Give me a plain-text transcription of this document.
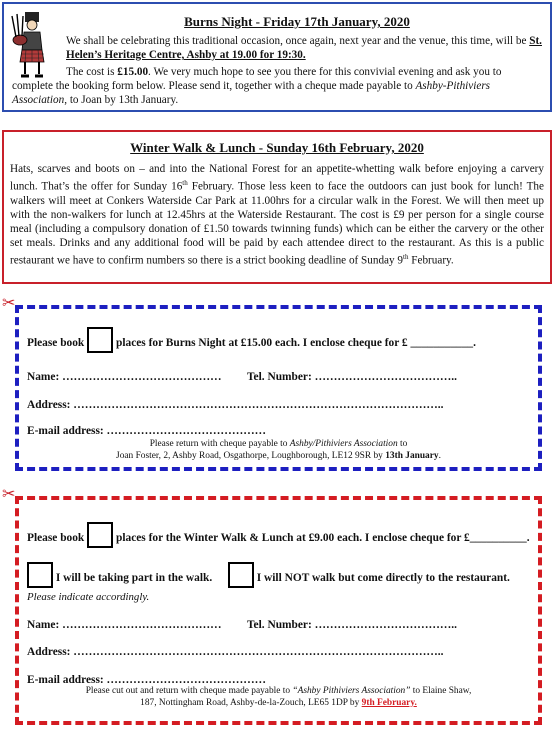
Burns Night - Friday 17th January, 2020
We shall be celebrating this traditional occasion, once again, next year and the venue, this time, will be St. Helen’s Heritage Centre, Ashby at 19.00 for 19:30.
The cost is £15.00. We very much hope to see you there for this convivial evening and ask you to complete the booking form below. Please send it, together with a cheque made payable to Ashby-Pithiviers Association, to Joan by 13th January.
Winter Walk & Lunch - Sunday 16th February, 2020
Hats, scarves and boots on – and into the National Forest for an appetite-whetting walk before enjoying a carvery lunch. That’s the offer for Sunday 16th February. Those less keen to face the outdoors can just book for lunch! The walkers will meet at Conkers Waterside Car Park at 11.00hrs for a circular walk in the Forest. We will then meet up with the non-walkers for lunch at 12.45hrs at the Waterside Restaurant. The cost is £9 per person for a single course meal (including a compulsory donation of £1.50 towards twinning funds) which can be either the carvery or the other set meals. Drinks and any additional food will be paid by each attendee direct to the restaurant. As this is a public restaurant we have to confirm numbers so there is a strict booking deadline of Sunday 9th February.
✂
✂
Please book	places for Burns Night at £15.00 each. I enclose cheque for £ ___________.
Name: …………………………………… Tel. Number: ………………………………..
Address: ……………………………………………………………………………………..
E-mail address: ……………………………………
Please return with cheque payable to Ashby/Pithiviers Association to
Joan Foster, 2, Ashby Road, Osgathorpe, Loughborough, LE12 9SR by 13th January.
Please book	places for the Winter Walk & Lunch at £9.00 each. I enclose cheque for £__________.
I will be taking part in the walk.	I will NOT walk but come directly to the restaurant.
Please indicate accordingly.
Name: …………………………………… Tel. Number: ………………………………..
Address: ……………………………………………………………………………………..
E-mail address: ……………………………………
Please cut out and return with cheque made payable to “Ashby Pithiviers Association” to Elaine Shaw,
187, Nottingham Road, Ashby-de-la-Zouch, LE65 1DP by 9th February.
